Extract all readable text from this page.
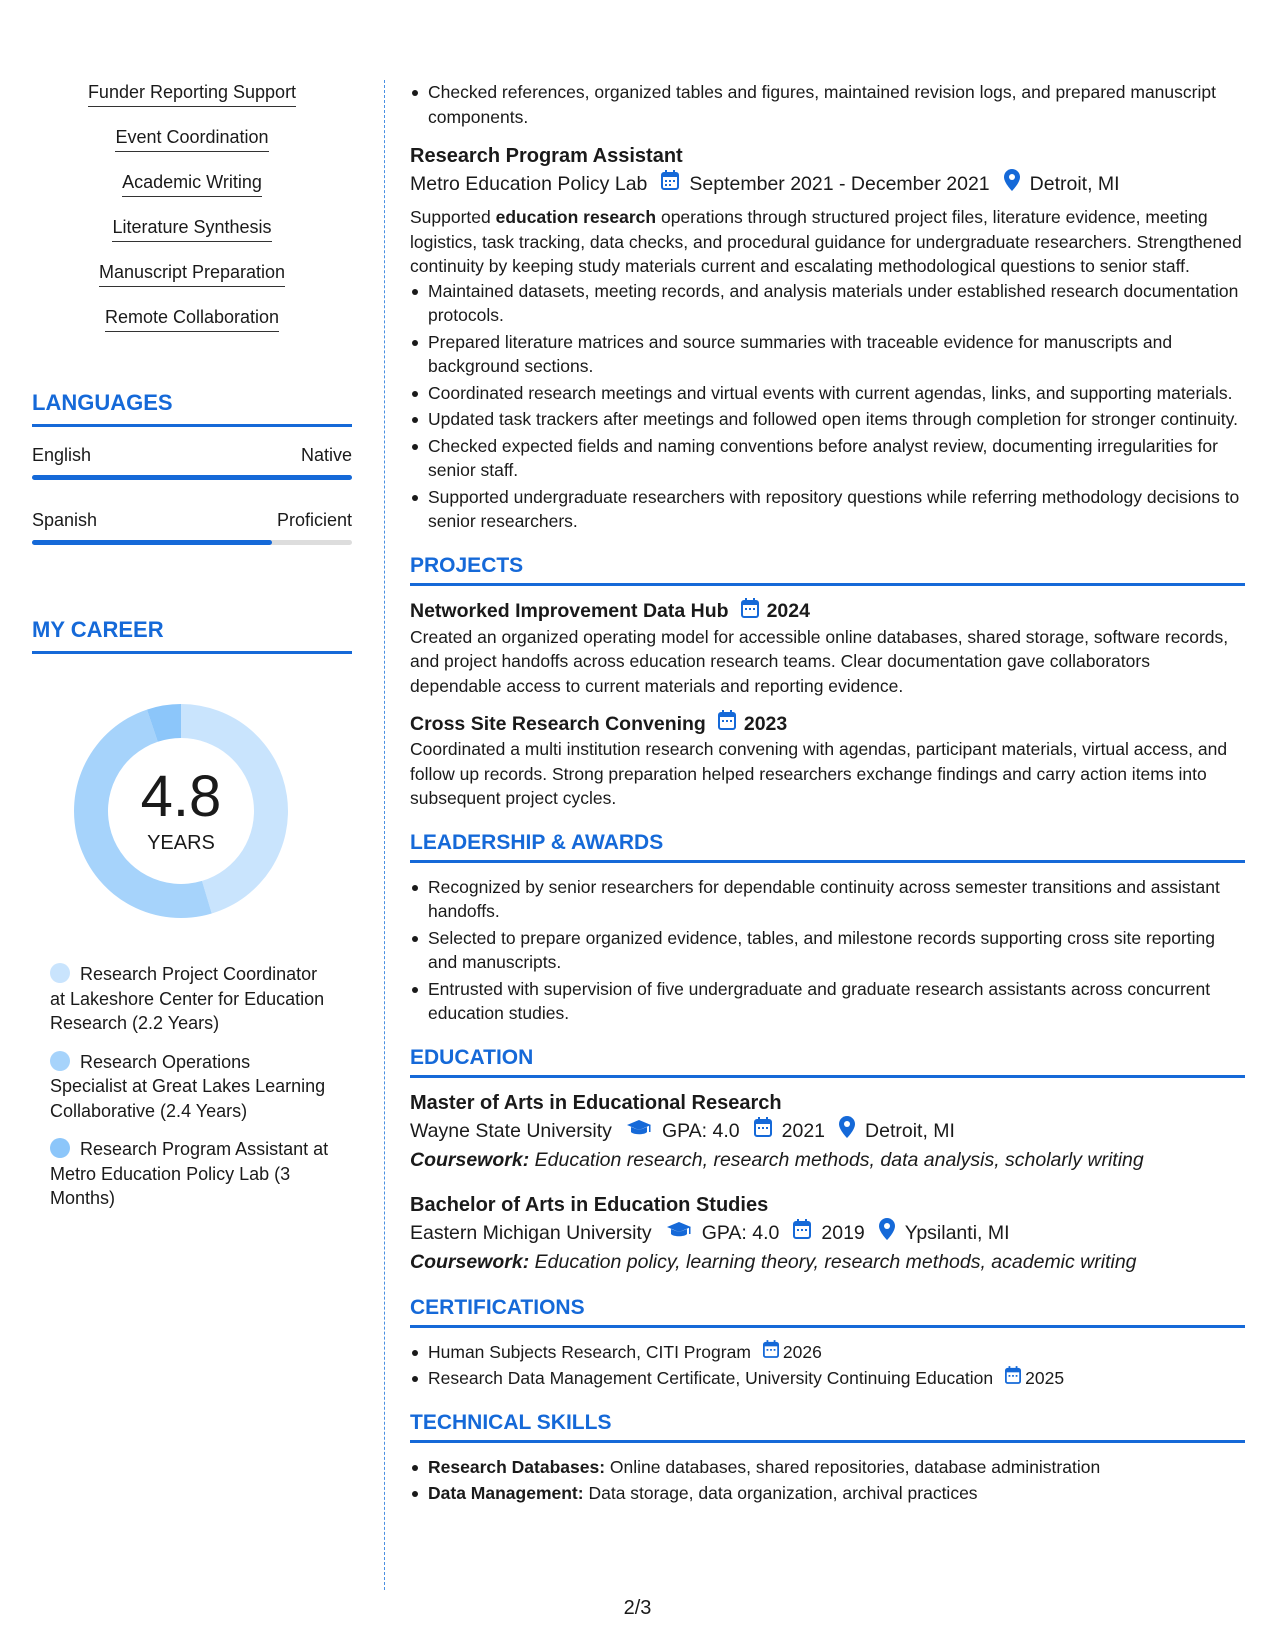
Funder Reporting Support
Event Coordination
Academic Writing
Literature Synthesis
Manuscript Preparation
Remote Collaboration
LANGUAGES
English	Native
Spanish	Proficient
MY CAREER
4.8
YEARS
Research Project Coordinator at Lakeshore Center for Education Research (2.2 Years)
Research Operations Specialist at Great Lakes Learning Collaborative (2.4 Years)
Research Program Assistant at Metro Education Policy Lab (3 Months)
Checked references, organized tables and figures, maintained revision logs, and prepared manuscript components.
Research Program Assistant
Metro Education Policy Lab September 2021 - December 2021 Detroit, MI

Supported education research operations through structured project files, literature evidence, meeting logistics, task tracking, data checks, and procedural guidance for undergraduate researchers. Strengthened continuity by keeping study materials current and escalating methodological questions to senior staff.

Maintained datasets, meeting records, and analysis materials under established research documentation protocols.
Prepared literature matrices and source summaries with traceable evidence for manuscripts and background sections.
Coordinated research meetings and virtual events with current agendas, links, and supporting materials.
Updated task trackers after meetings and followed open items through completion for stronger continuity.
Checked expected fields and naming conventions before analyst review, documenting irregularities for senior staff.
Supported undergraduate researchers with repository questions while referring methodology decisions to senior researchers.
PROJECTS
Networked Improvement Data Hub 2024

Created an organized operating model for accessible online databases, shared storage, software records, and project handoffs across education research teams. Clear documentation gave collaborators dependable access to current materials and reporting evidence.

Cross Site Research Convening 2023

Coordinated a multi institution research convening with agendas, participant materials, virtual access, and follow up records. Strong preparation helped researchers exchange findings and carry action items into subsequent project cycles.

LEADERSHIP & AWARDS
Recognized by senior researchers for dependable continuity across semester transitions and assistant handoffs.
Selected to prepare organized evidence, tables, and milestone records supporting cross site reporting and manuscripts.
Entrusted with supervision of five undergraduate and graduate research assistants across concurrent education studies.
EDUCATION
Master of Arts in Educational Research
Wayne State University	GPA: 4.0 2021 Detroit, MI
Coursework: Education research, research methods, data analysis, scholarly writing
Bachelor of Arts in Education Studies
Eastern Michigan University	GPA: 4.0 2019 Ypsilanti, MI
Coursework: Education policy, learning theory, research methods, academic writing
CERTIFICATIONS
Human Subjects Research, CITI Program 2026
Research Data Management Certificate, University Continuing Education 2025
TECHNICAL SKILLS
Research Databases: Online databases, shared repositories, database administration
Data Management: Data storage, data organization, archival practices
2/3
